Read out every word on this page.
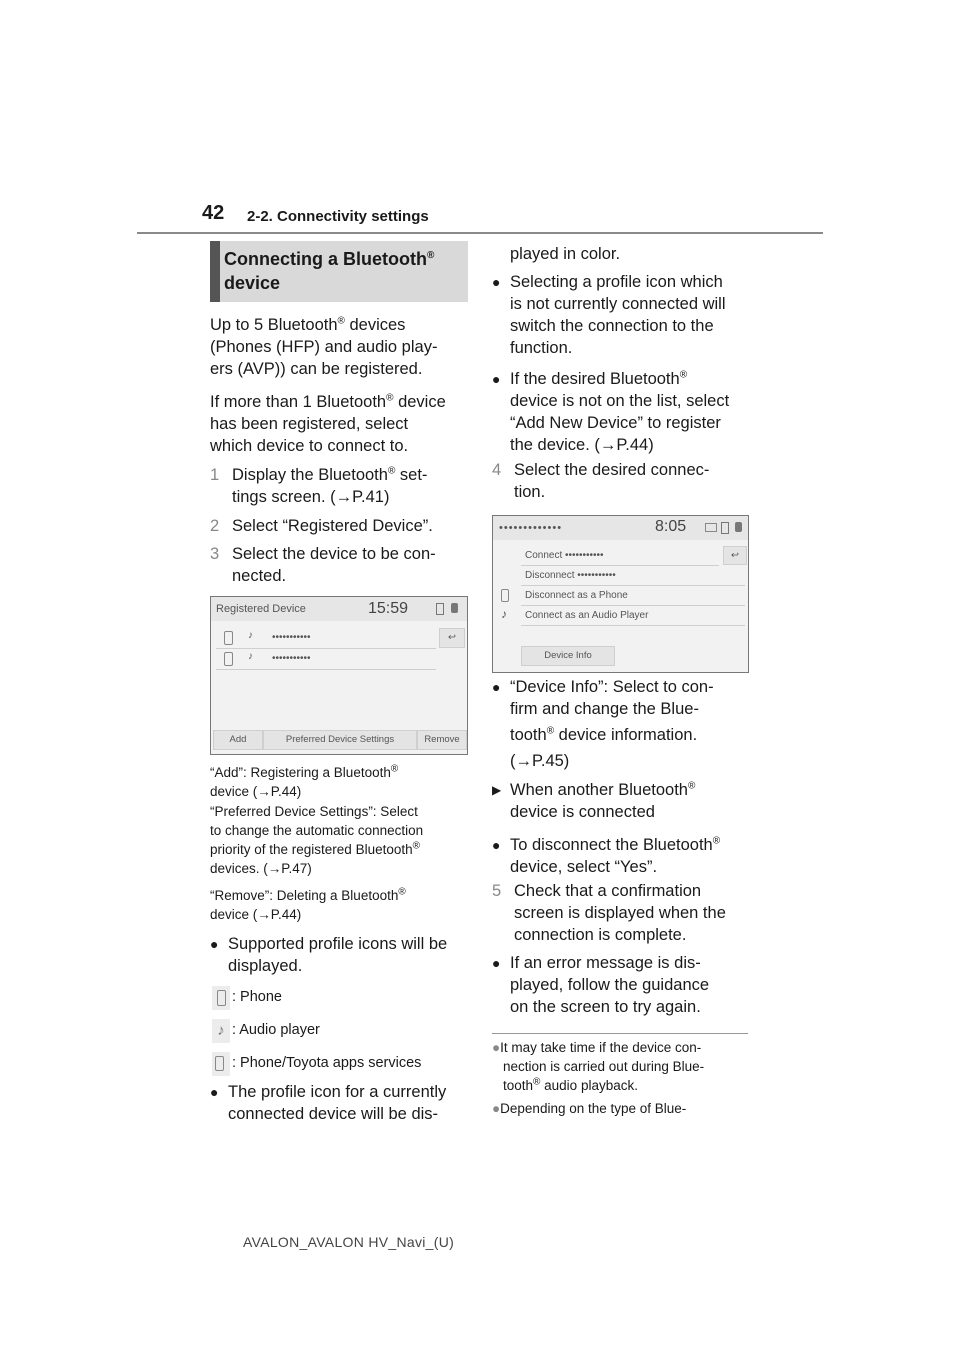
42 2-2. Connectivity settings
Connecting a Bluetooth®
device

Up to 5 Bluetooth® devices

(Phones (HFP) and audio play-

ers (AVP)) can be registered.

If more than 1 Bluetooth® device

has been registered, select

which device to connect to.

1 Display the Bluetooth® set-
tings screen. (→P.41)
2 Select “Registered Device”.
3 Select the device to be con-
nected.
Registered Device	15:59
♪ •••••••••••
♪ •••••••••••
↩
Add	Preferred Device Settings	Remove
“Add”: Registering a Bluetooth®
device (→P.44)
“Preferred Device Settings”: Select
to change the automatic connection
priority of the registered Bluetooth®
devices. (→P.47)
“Remove”: Deleting a Bluetooth®
device (→P.44)
● Supported profile icons will be
displayed.
: Phone
♪ : Audio player
: Phone/Toyota apps services
● The profile icon for a currently
connected device will be dis-
played in color.
● Selecting a profile icon which
is not currently connected will
switch the connection to the
function.
● If the desired Bluetooth®
device is not on the list, select
“Add New Device” to register
the device. (→P.44)
4 Select the desired connec-
tion.
•••••••••••••	8:05
Connect •••••••••••	↩
Disconnect •••••••••••
Disconnect as a Phone
♪ Connect as an Audio Player
Device Info
● “Device Info”: Select to con-
firm and change the Blue-
tooth® device information.
(→P.45)
▶ When another Bluetooth®
device is connected
● To disconnect the Bluetooth®
device, select “Yes”.
5 Check that a confirmation
screen is displayed when the
connection is complete.
● If an error message is dis-
played, follow the guidance
on the screen to try again.
●It may take time if the device con-
nection is carried out during Blue-
tooth® audio playback.
●Depending on the type of Blue-
AVALON_AVALON HV_Navi_(U)
